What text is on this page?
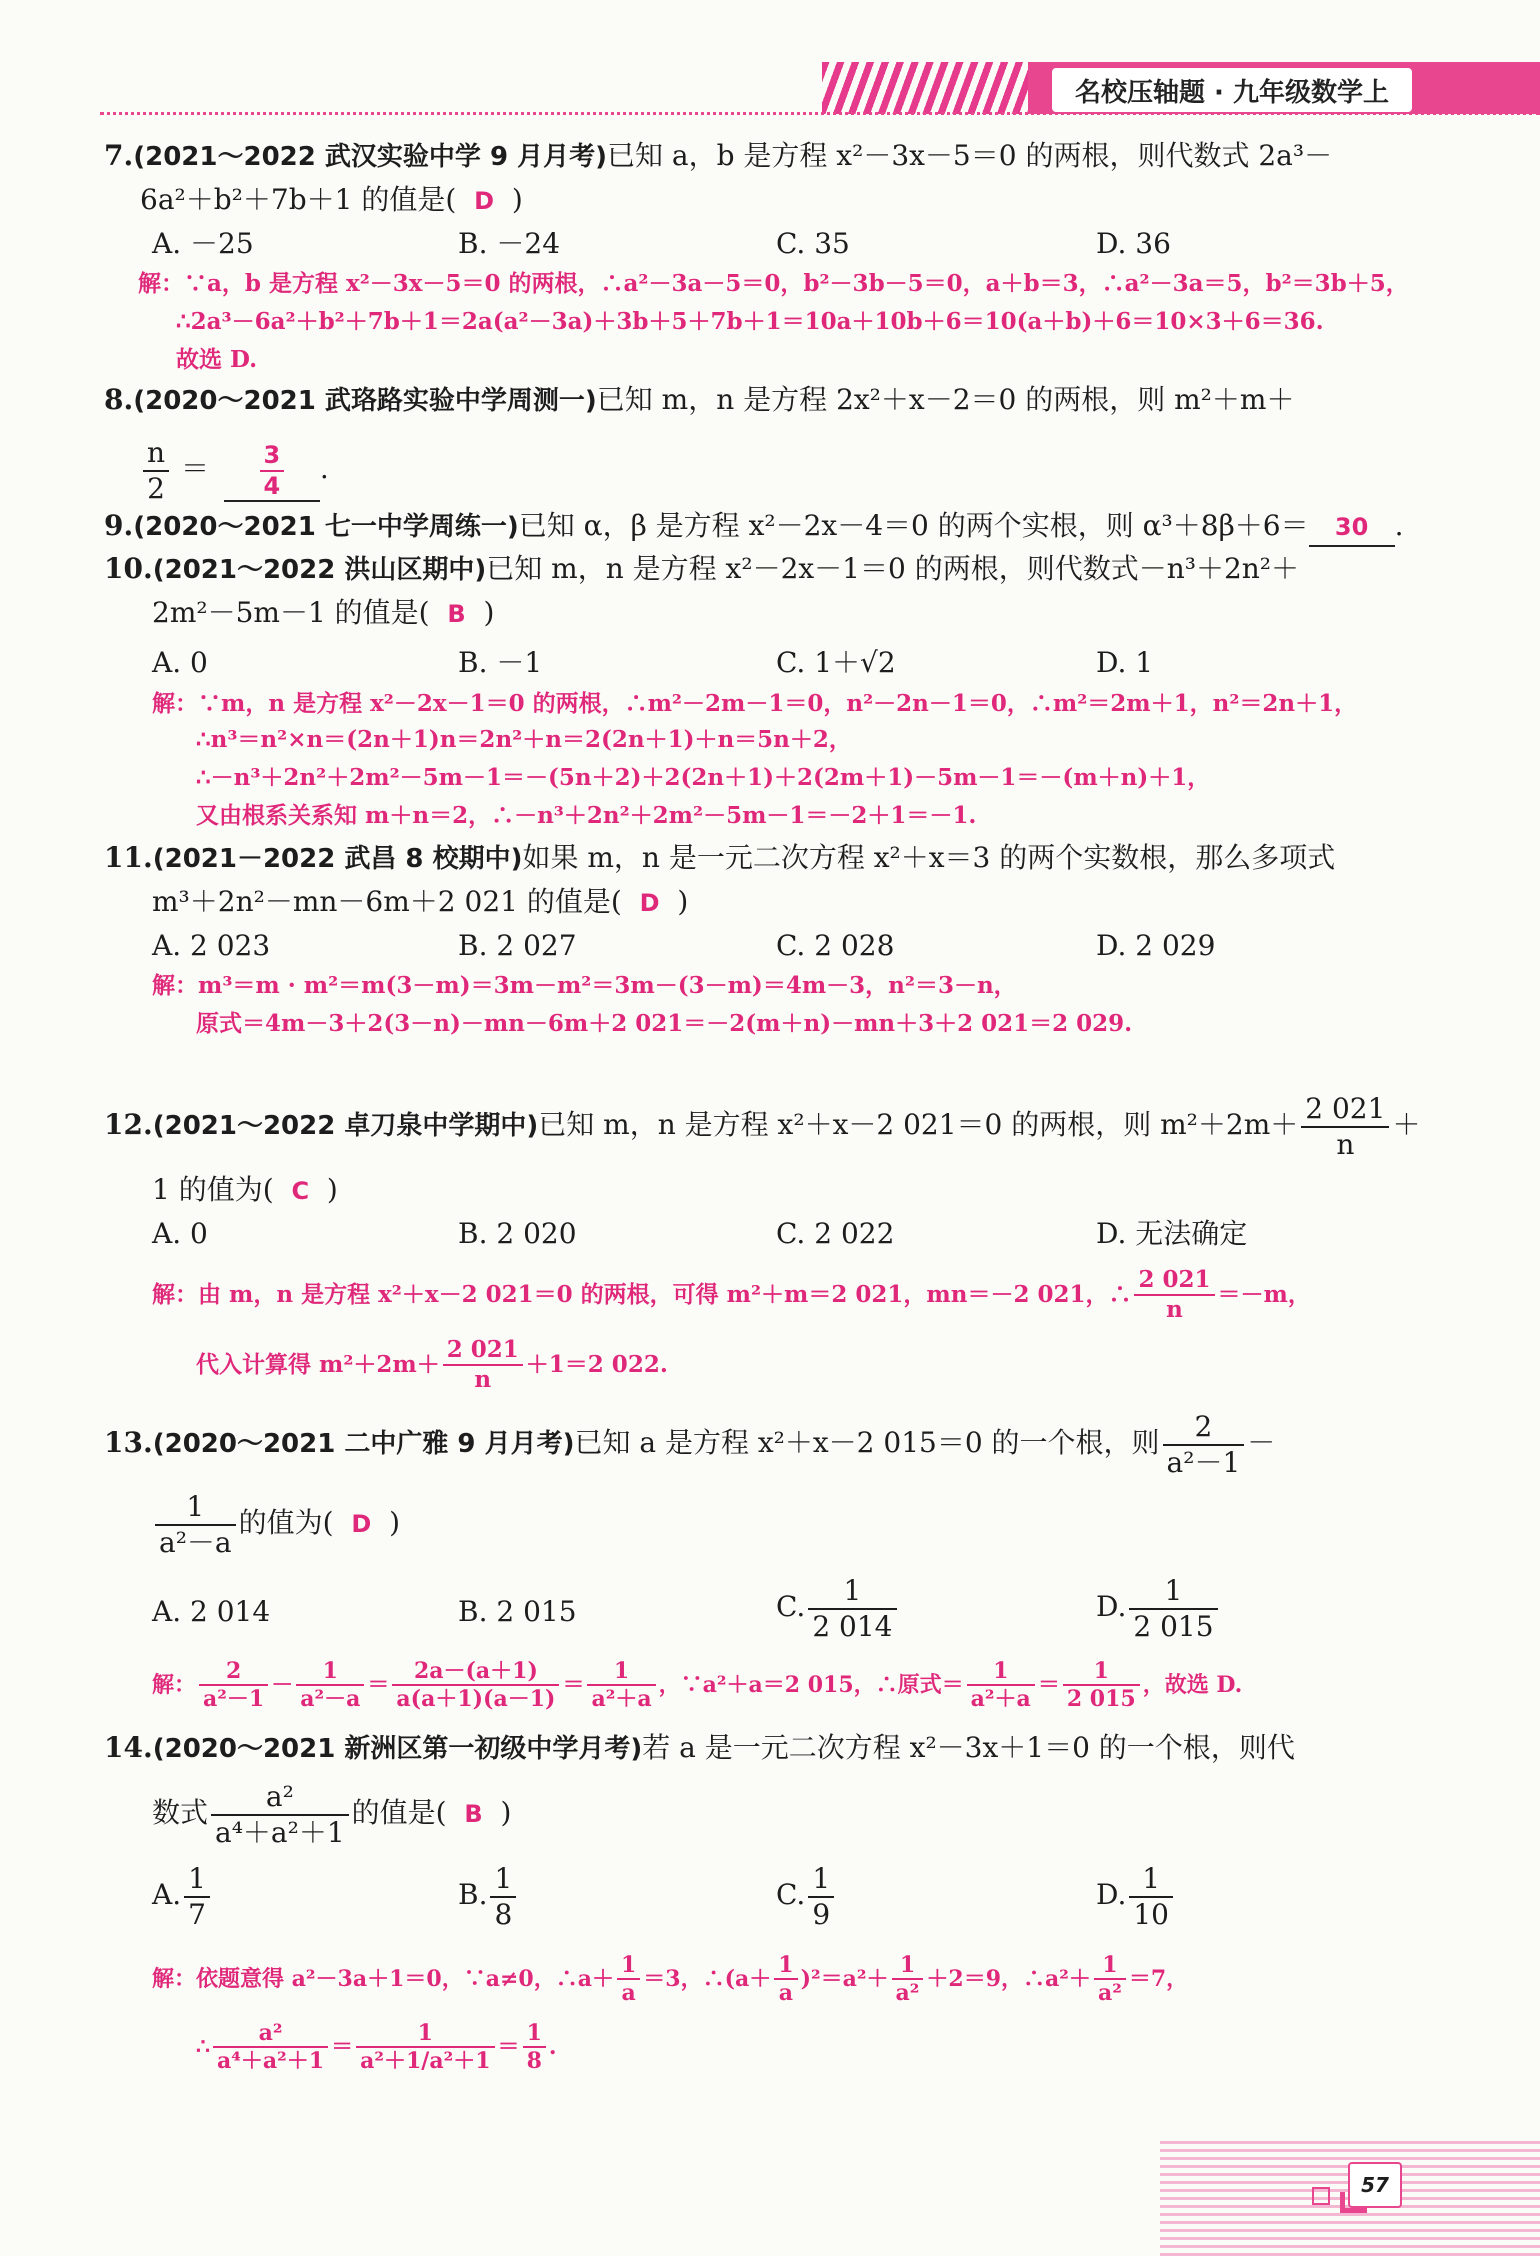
名校压轴题 · 九年级数学上
7.(2021～2022 武汉实验中学 9 月月考)已知 a，b 是方程 x²－3x－5＝0 的两根，则代数式 2a³－
6a²＋b²＋7b＋1 的值是( D )
A. －25	B. －24	C. 35	D. 36
解：∵a，b 是方程 x²－3x－5＝0 的两根，∴a²－3a－5＝0，b²－3b－5＝0，a＋b＝3，∴a²－3a＝5，b²＝3b＋5，
∴2a³－6a²＋b²＋7b＋1＝2a(a²－3a)＋3b＋5＋7b＋1＝10a＋10b＋6＝10(a＋b)＋6＝10×3＋6＝36.
故选 D.
8.(2020～2021 武珞路实验中学周测一)已知 m，n 是方程 2x²＋x－2＝0 的两根，则 m²＋m＋
$\frac{n}{2} = \frac{3}{4}$ .
9.(2020～2021 七一中学周练一)已知 α，β 是方程 x²－2x－4＝0 的两个实根，则 α³＋8β＋6＝ 30 .
10.(2021～2022 洪山区期中)已知 m，n 是方程 x²－2x－1＝0 的两根，则代数式－n³＋2n²＋
2m²－5m－1 的值是( B )
A. 0	B. －1	C. 1＋√2	D. 1
解：∵m，n 是方程 x²－2x－1＝0 的两根，∴m²－2m－1＝0，n²－2n－1＝0，∴m²＝2m＋1，n²＝2n＋1，
∴n³＝n²×n＝(2n＋1)n＝2n²＋n＝2(2n＋1)＋n＝5n＋2，
∴－n³＋2n²＋2m²－5m－1＝－(5n＋2)＋2(2n＋1)＋2(2m＋1)－5m－1＝－(m＋n)＋1，
又由根系关系知 m＋n＝2，∴－n³＋2n²＋2m²－5m－1＝－2＋1＝－1.
11.(2021－2022 武昌 8 校期中)如果 m，n 是一元二次方程 x²＋x＝3 的两个实数根，那么多项式
m³＋2n²－mn－6m＋2 021 的值是( D )
A. 2 023	B. 2 027	C. 2 028	D. 2 029
解：m³＝m · m²＝m(3－m)＝3m－m²＝3m－(3－m)＝4m－3，n²＝3－n，
原式＝4m－3＋2(3－n)－mn－6m＋2 021＝－2(m＋n)－mn＋3＋2 021＝2 029.
12.(2021～2022 卓刀泉中学期中)已知 m，n 是方程 x²＋x－2 021＝0 的两根，则 $m^2+2m+ \frac{2 021}{n}$ ＋
1 的值为( C )
A. 0	B. 2 020	C. 2 022	D. 无法确定
解：由 m，n 是方程 x²＋x－2 021＝0 的两根，可得 m²＋m＝2 021，mn＝－2 021，∴ $\frac{2 021}{n} =-m$，
代入计算得 $m^2+2m+ \frac{2 021}{n} +1=2$ 022.
13.(2020～2021 二中广雅 9 月月考)已知 a 是方程 x²＋x－2 015＝0 的一个根，则 $\frac{2}{\text{a²－1}}$ －
$\frac{1}{\text{a²－a}}$ 的值为( D )
A. 2 014	B. 2 015	C. $\frac{1}{2 014}$	D. $\frac{1}{2 015}$
解： $\frac{2}{\text{a²－1}} - \frac{1}{\text{a²－a}} = \frac{2a-(a+1)}{a(a+1)(a-1)} = \frac{1}{\text{a²＋a}}$ ，∵a²＋a＝2 015，∴原式＝ $\frac{1}{\text{a²＋a}} = \frac{1}{2 015}$ ，故选 D.
14.(2020～2021 新洲区第一初级中学月考)若 a 是一元二次方程 x²－3x＋1＝0 的一个根，则代
数式 $\frac{\text{a²}}{\text{a⁴＋a²＋1}}$ 的值是( B )
A. $\frac{1}{7}$	B. $\frac{1}{8}$	C. $\frac{1}{9}$	D. $\frac{1}{10}$
解：依题意得 a²－3a＋1＝0，∵a≠0，∴a＋ $\frac{1}{a} =3$，∴(a＋ $\frac{1}{a} )^2=a^2+ \frac{1}{\text{a²}} +2=9$，∴a²＋ $\frac{1}{\text{a²}} =7$，
∴ $\frac{\text{a²}}{\text{a⁴＋a²＋1}} = \frac{1}{\text{a²＋1/a²＋1}} = \frac{1}{8}$ .
57
